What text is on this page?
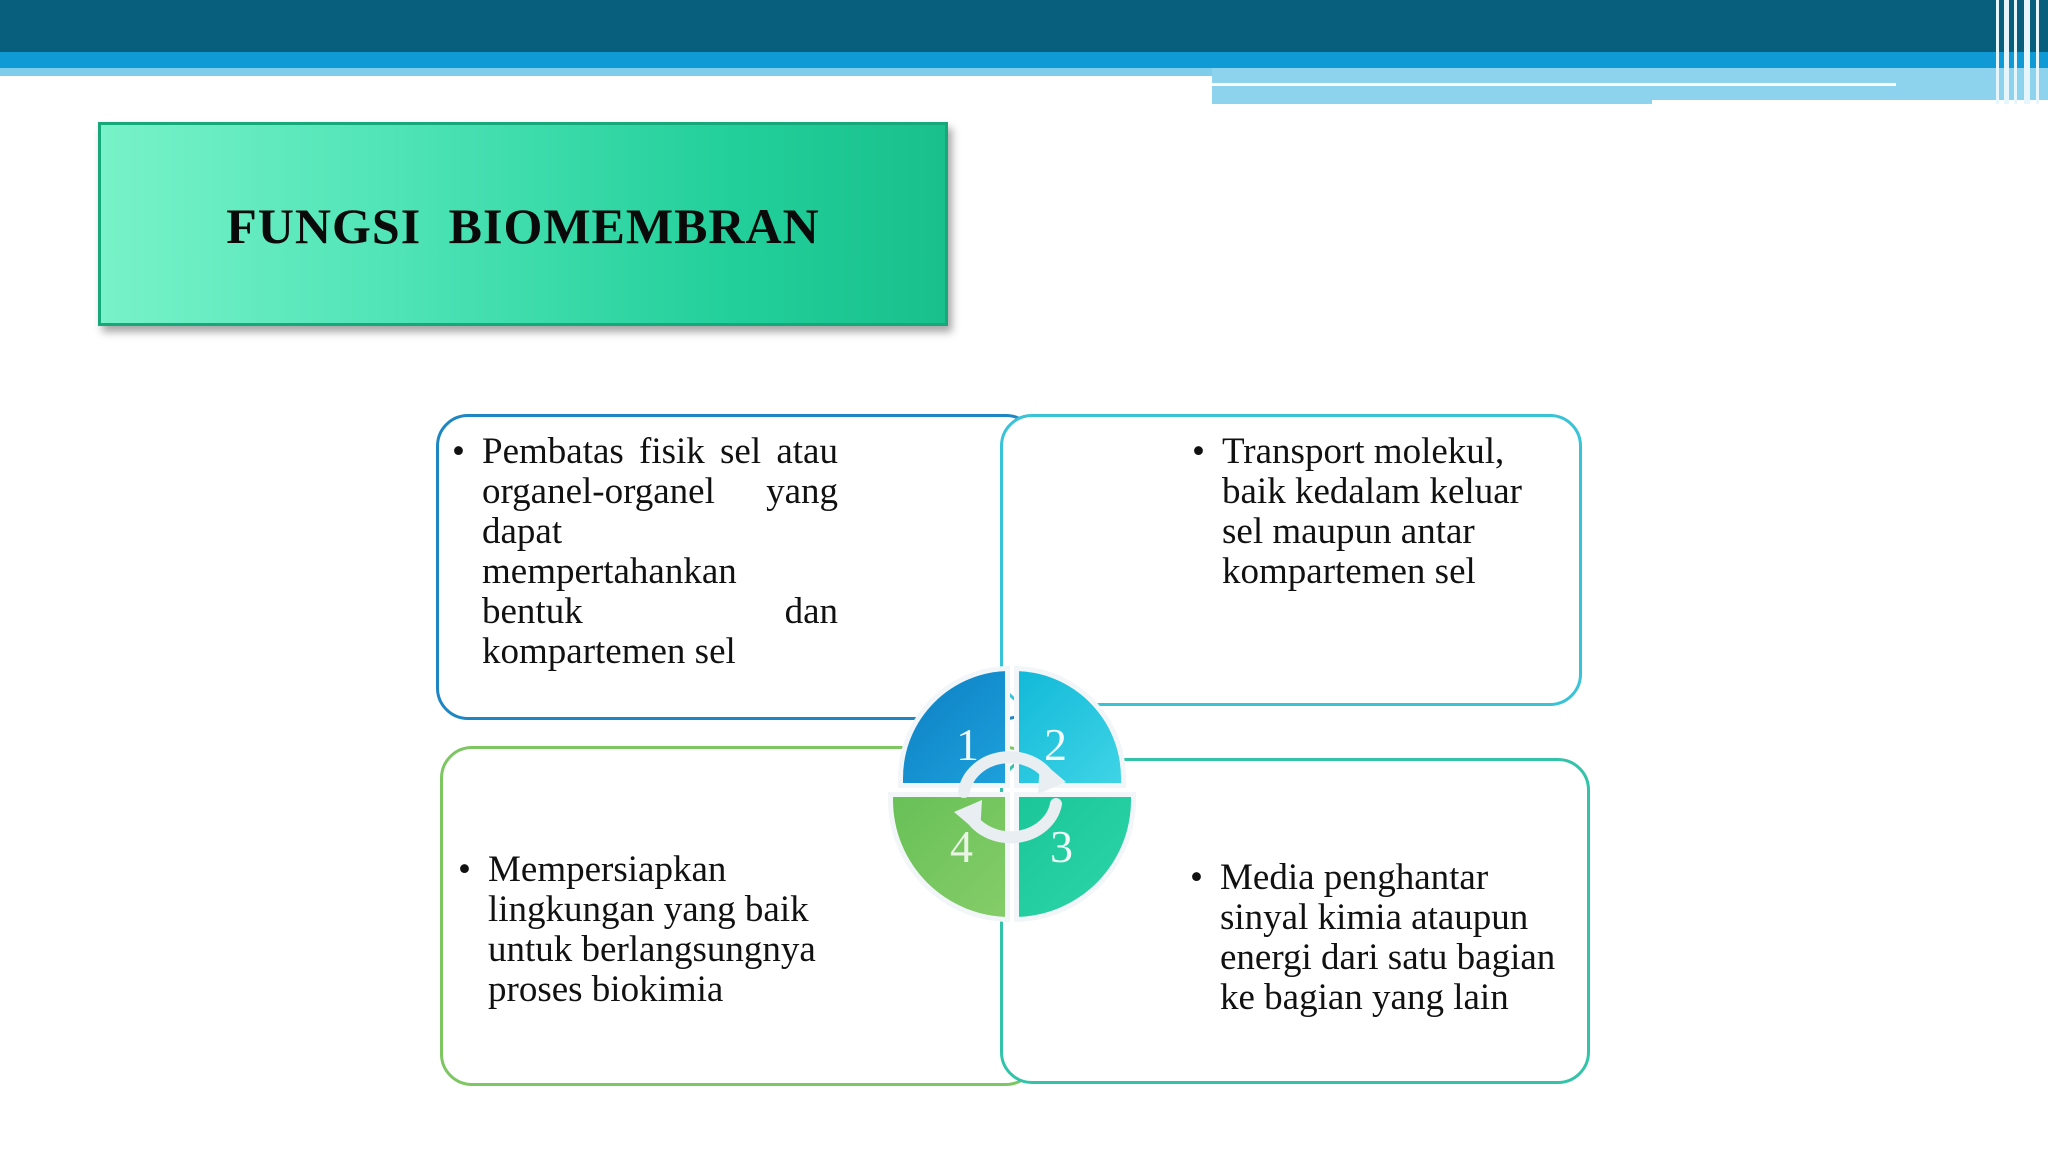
FUNGSI BIOMEMBRAN
• Pembatas fisik sel atau
organel-organel yang
dapat
mempertahankan
bentuk	dan
kompartemen sel
• Transport molekul,
baik kedalam keluar
sel maupun antar
kompartemen sel
• Mempersiapkan
lingkungan yang baik
untuk berlangsungnya
proses biokimia
• Media penghantar
sinyal kimia ataupun
energi dari satu bagian
ke bagian yang lain
1 2
3
4
